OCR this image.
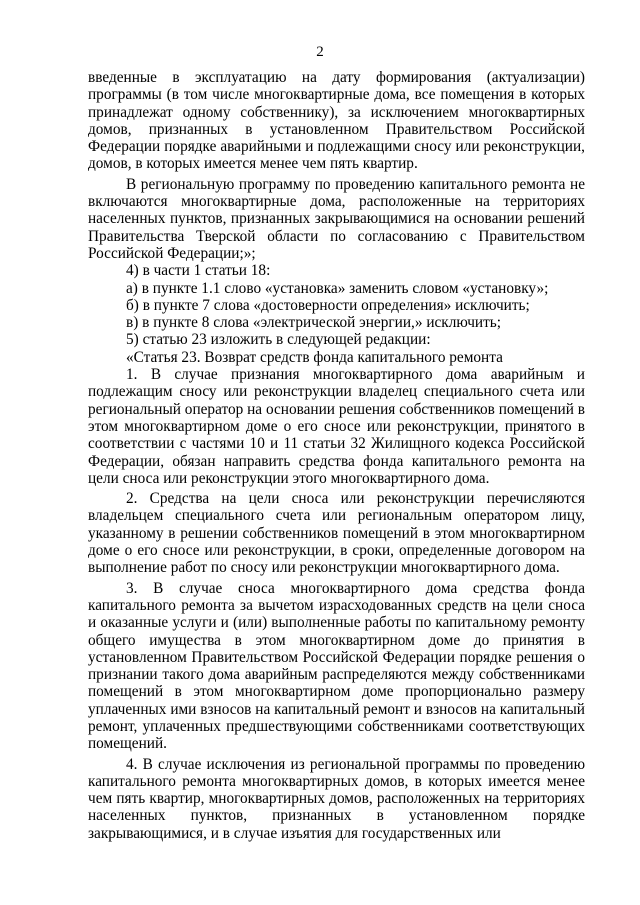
2

введенные в эксплуатацию на дату формирования (актуализации) программы (в том числе многоквартирные дома, все помещения в которых принадлежат одному собственнику), за исключением многоквартирных домов, признанных в установленном Правительством Российской Федерации порядке аварийными и подлежащими сносу или реконструкции, домов, в которых имеется менее чем пять квартир.

В региональную программу по проведению капитального ремонта не включаются многоквартирные дома, расположенные на территориях населенных пунктов, признанных закрывающимися на основании решений Правительства Тверской области по согласованию с Правительством Российской Федерации;»;

4) в части 1 статьи 18:

а) в пункте 1.1 слово «установка» заменить словом «установку»;

б) в пункте 7 слова «достоверности определения» исключить;

в) в пункте 8 слова «электрической энергии,» исключить;

5) статью 23 изложить в следующей редакции:

«Статья 23. Возврат средств фонда капитального ремонта

1. В случае признания многоквартирного дома аварийным и подлежащим сносу или реконструкции владелец специального счета или региональный оператор на основании решения собственников помещений в этом многоквартирном доме о его сносе или реконструкции, принятого в соответствии с частями 10 и 11 статьи 32 Жилищного кодекса Российской Федерации, обязан направить средства фонда капитального ремонта на цели сноса или реконструкции этого многоквартирного дома.

2. Средства на цели сноса или реконструкции перечисляются владельцем специального счета или региональным оператором лицу, указанному в решении собственников помещений в этом многоквартирном доме о его сносе или реконструкции, в сроки, определенные договором на выполнение работ по сносу или реконструкции многоквартирного дома.

3. В случае сноса многоквартирного дома средства фонда капитального ремонта за вычетом израсходованных средств на цели сноса и оказанные услуги и (или) выполненные работы по капитальному ремонту общего имущества в этом многоквартирном доме до принятия в установленном Правительством Российской Федерации порядке решения о признании такого дома аварийным распределяются между собственниками помещений в этом многоквартирном доме пропорционально размеру уплаченных ими взносов на капитальный ремонт и взносов на капитальный ремонт, уплаченных предшествующими собственниками соответствующих помещений.

4. В случае исключения из региональной программы по проведению капитального ремонта многоквартирных домов, в которых имеется менее чем пять квартир, многоквартирных домов, расположенных на территориях населенных пунктов, признанных в установленном порядке закрывающимися, и в случае изъятия для государственных или
